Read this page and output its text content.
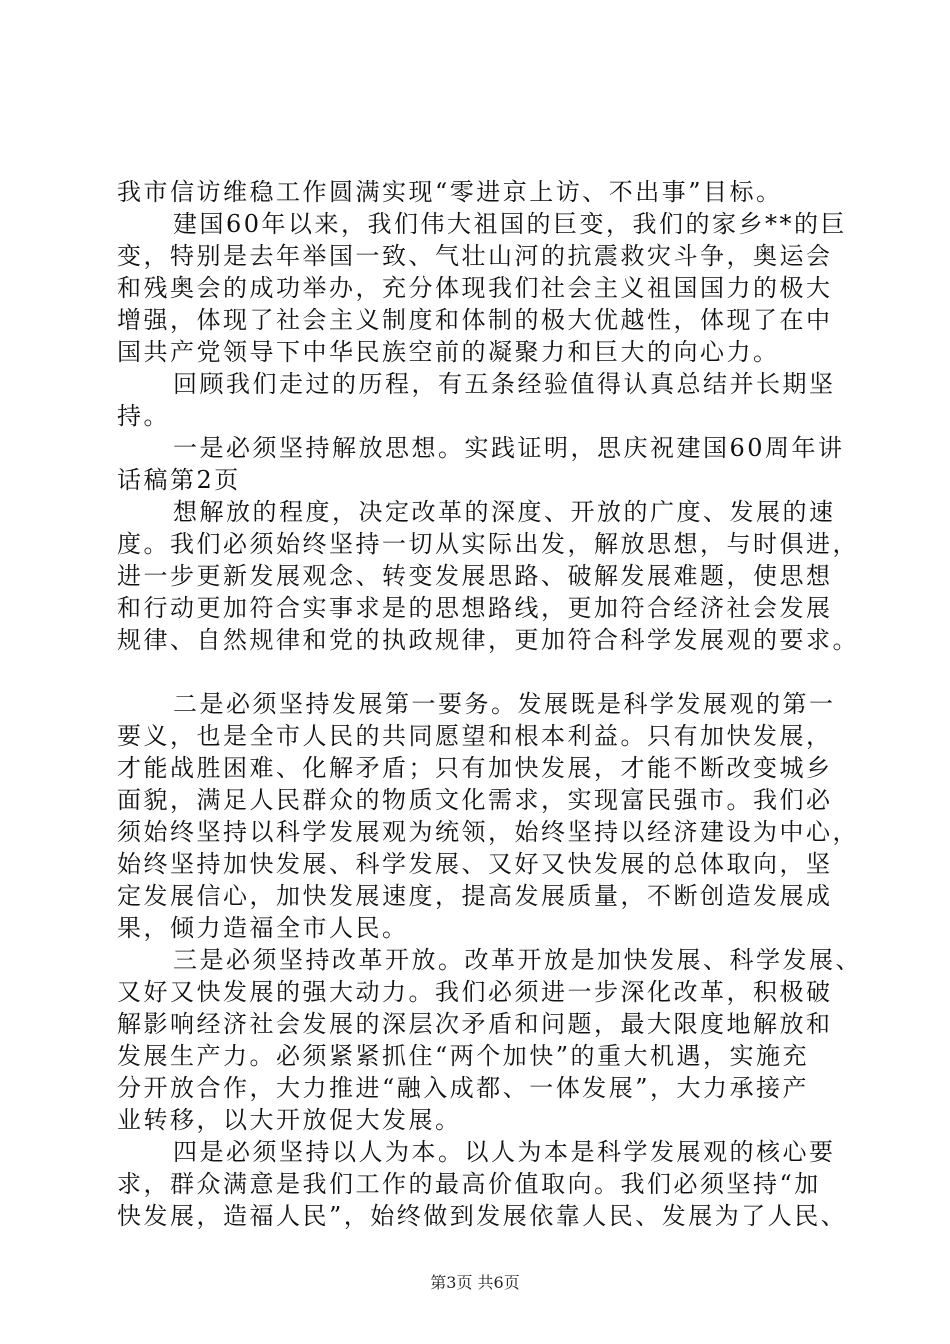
我市信访维稳工作圆满实现“零进京上访、不出事”目标。
建国60年以来，我们伟大祖国的巨变，我们的家乡**的巨
变，特别是去年举国一致、气壮山河的抗震救灾斗争，奥运会
和残奥会的成功举办，充分体现我们社会主义祖国国力的极大
增强，体现了社会主义制度和体制的极大优越性，体现了在中
国共产党领导下中华民族空前的凝聚力和巨大的向心力。
回顾我们走过的历程，有五条经验值得认真总结并长期坚
持。
一是必须坚持解放思想。实践证明，思庆祝建国60周年讲
话稿第2页
想解放的程度，决定改革的深度、开放的广度、发展的速
度。我们必须始终坚持一切从实际出发，解放思想，与时俱进，
进一步更新发展观念、转变发展思路、破解发展难题，使思想
和行动更加符合实事求是的思想路线，更加符合经济社会发展
规律、自然规律和党的执政规律，更加符合科学发展观的要求。
二是必须坚持发展第一要务。发展既是科学发展观的第一
要义，也是全市人民的共同愿望和根本利益。只有加快发展，
才能战胜困难、化解矛盾；只有加快发展，才能不断改变城乡
面貌，满足人民群众的物质文化需求，实现富民强市。我们必
须始终坚持以科学发展观为统领，始终坚持以经济建设为中心，
始终坚持加快发展、科学发展、又好又快发展的总体取向，坚
定发展信心，加快发展速度，提高发展质量，不断创造发展成
果，倾力造福全市人民。
三是必须坚持改革开放。改革开放是加快发展、科学发展、
又好又快发展的强大动力。我们必须进一步深化改革，积极破
解影响经济社会发展的深层次矛盾和问题，最大限度地解放和
发展生产力。必须紧紧抓住“两个加快”的重大机遇，实施充
分开放合作，大力推进“融入成都、一体发展”，大力承接产
业转移，以大开放促大发展。
四是必须坚持以人为本。以人为本是科学发展观的核心要
求，群众满意是我们工作的最高价值取向。我们必须坚持“加
快发展，造福人民”，始终做到发展依靠人民、发展为了人民、
第3页 共6页
